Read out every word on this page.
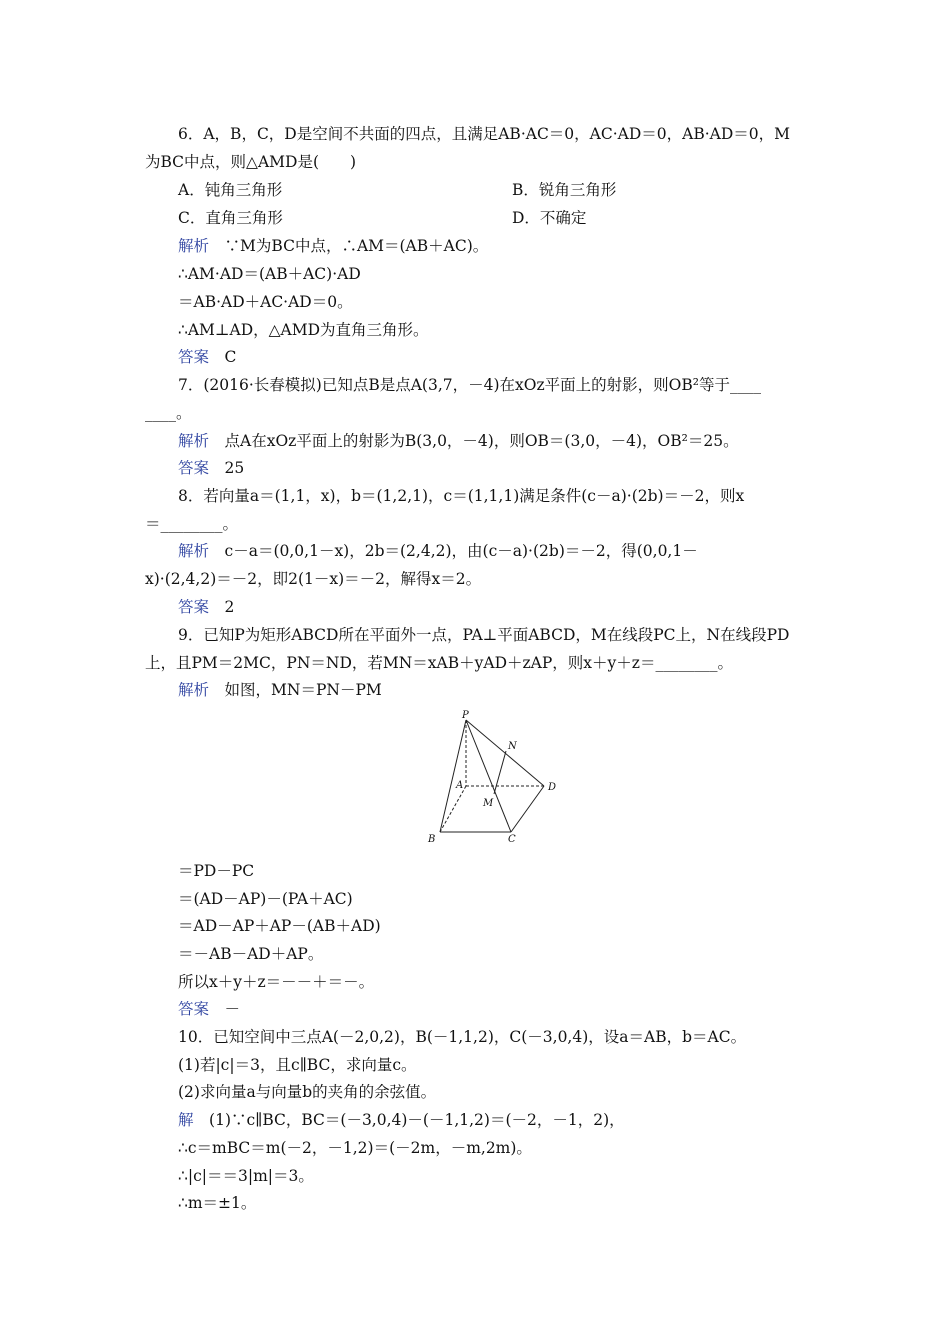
6．A，B，C，D是空间不共面的四点，且满足AB·AC＝0，AC·AD＝0，AB·AD＝0，M
为BC中点，则△AMD是(　　)
A．钝角三角形	B．锐角三角形
C．直角三角形	D．不确定
解析　 ∵M为BC中点，∴AM＝(AB＋AC)。
∴AM·AD＝(AB＋AC)·AD
＝AB·AD＋AC·AD＝0。
∴AM⊥AD，△AMD为直角三角形。
答案　 C
7．(2016·长春模拟)已知点B是点A(3,7，－4)在xOz平面上的射影，则OB²等于____
____。
解析　 点A在xOz平面上的射影为B(3,0，－4)，则OB＝(3,0，－4)，OB²＝25。
答案　 25
8．若向量a＝(1,1，x)，b＝(1,2,1)，c＝(1,1,1)满足条件(c－a)·(2b)＝－2，则x
＝________。
解析　 c－a＝(0,0,1－x)，2b＝(2,4,2)，由(c－a)·(2b)＝－2，得(0,0,1－
x)·(2,4,2)＝－2，即2(1－x)＝－2，解得x＝2。
答案　 2
9．已知P为矩形ABCD所在平面外一点，PA⊥平面ABCD，M在线段PC上，N在线段PD
上，且PM＝2MC，PN＝ND，若MN＝xAB＋yAD＋zAP，则x＋y＋z＝________。
解析　 如图，MN＝PN－PM
P
N
A	D
M
B	C
＝PD－PC
＝(AD－AP)－(PA＋AC)
＝AD－AP＋AP－(AB＋AD)
＝－AB－AD＋AP。
所以x＋y＋z＝－－＋＝－。
答案　 －
10．已知空间中三点A(－2,0,2)，B(－1,1,2)，C(－3,0,4)，设a＝AB，b＝AC。
(1)若|c|＝3，且c∥BC，求向量c。
(2)求向量a与向量b的夹角的余弦值。
解　 (1)∵c∥BC，BC＝(－3,0,4)－(－1,1,2)＝(－2，－1，2)，
∴c＝mBC＝m(－2，－1,2)＝(－2m，－m,2m)。
∴|c|＝＝3|m|＝3。
∴m＝±1。
